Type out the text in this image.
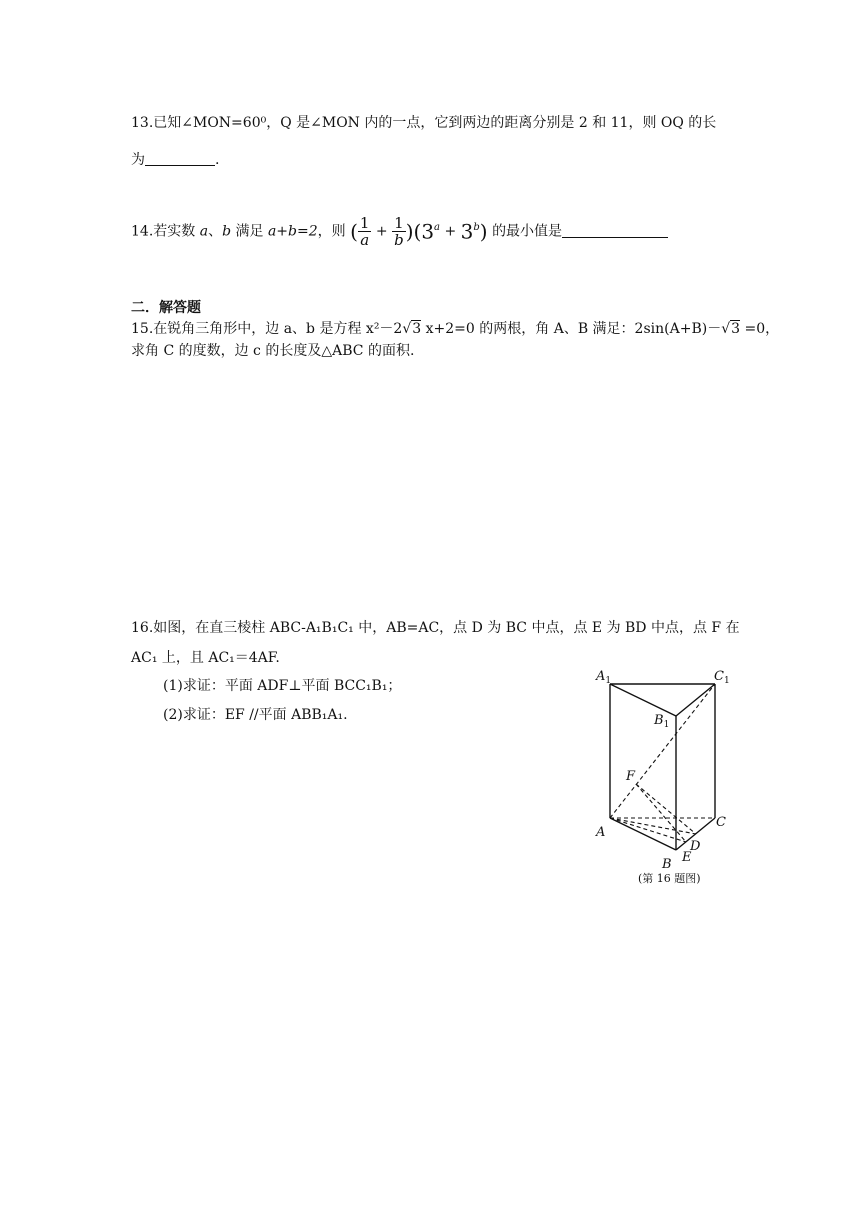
13.已知∠MON=60⁰，Q 是∠MON 内的一点，它到两边的距离分别是 2 和 11，则 OQ 的长
为	.
14.若实数 a、b 满足 a+b=2，则 ( $\frac{1}{a} + \frac{1}{b} )(3^a + 3^b)$ 的最小值是
二．解答题
15.在锐角三角形中，边 a、b 是方程 x²－2√3 x+2=0 的两根，角 A、B 满足：2sin(A+B)－√3 =0，
求角 C 的度数，边 c 的长度及△ABC 的面积.
16.如图，在直三棱柱 ABC-A₁B₁C₁ 中，AB=AC，点 D 为 BC 中点，点 E 为 BD 中点，点 F 在
AC₁ 上，且 AC₁＝4AF.
(1)求证：平面 ADF⊥平面 BCC₁B₁；
(2)求证：EF //平面 ABB₁A₁.
$A_1$	$C_1$
$B_1$
F
A
C
D
E
B
(第 16 题图)
